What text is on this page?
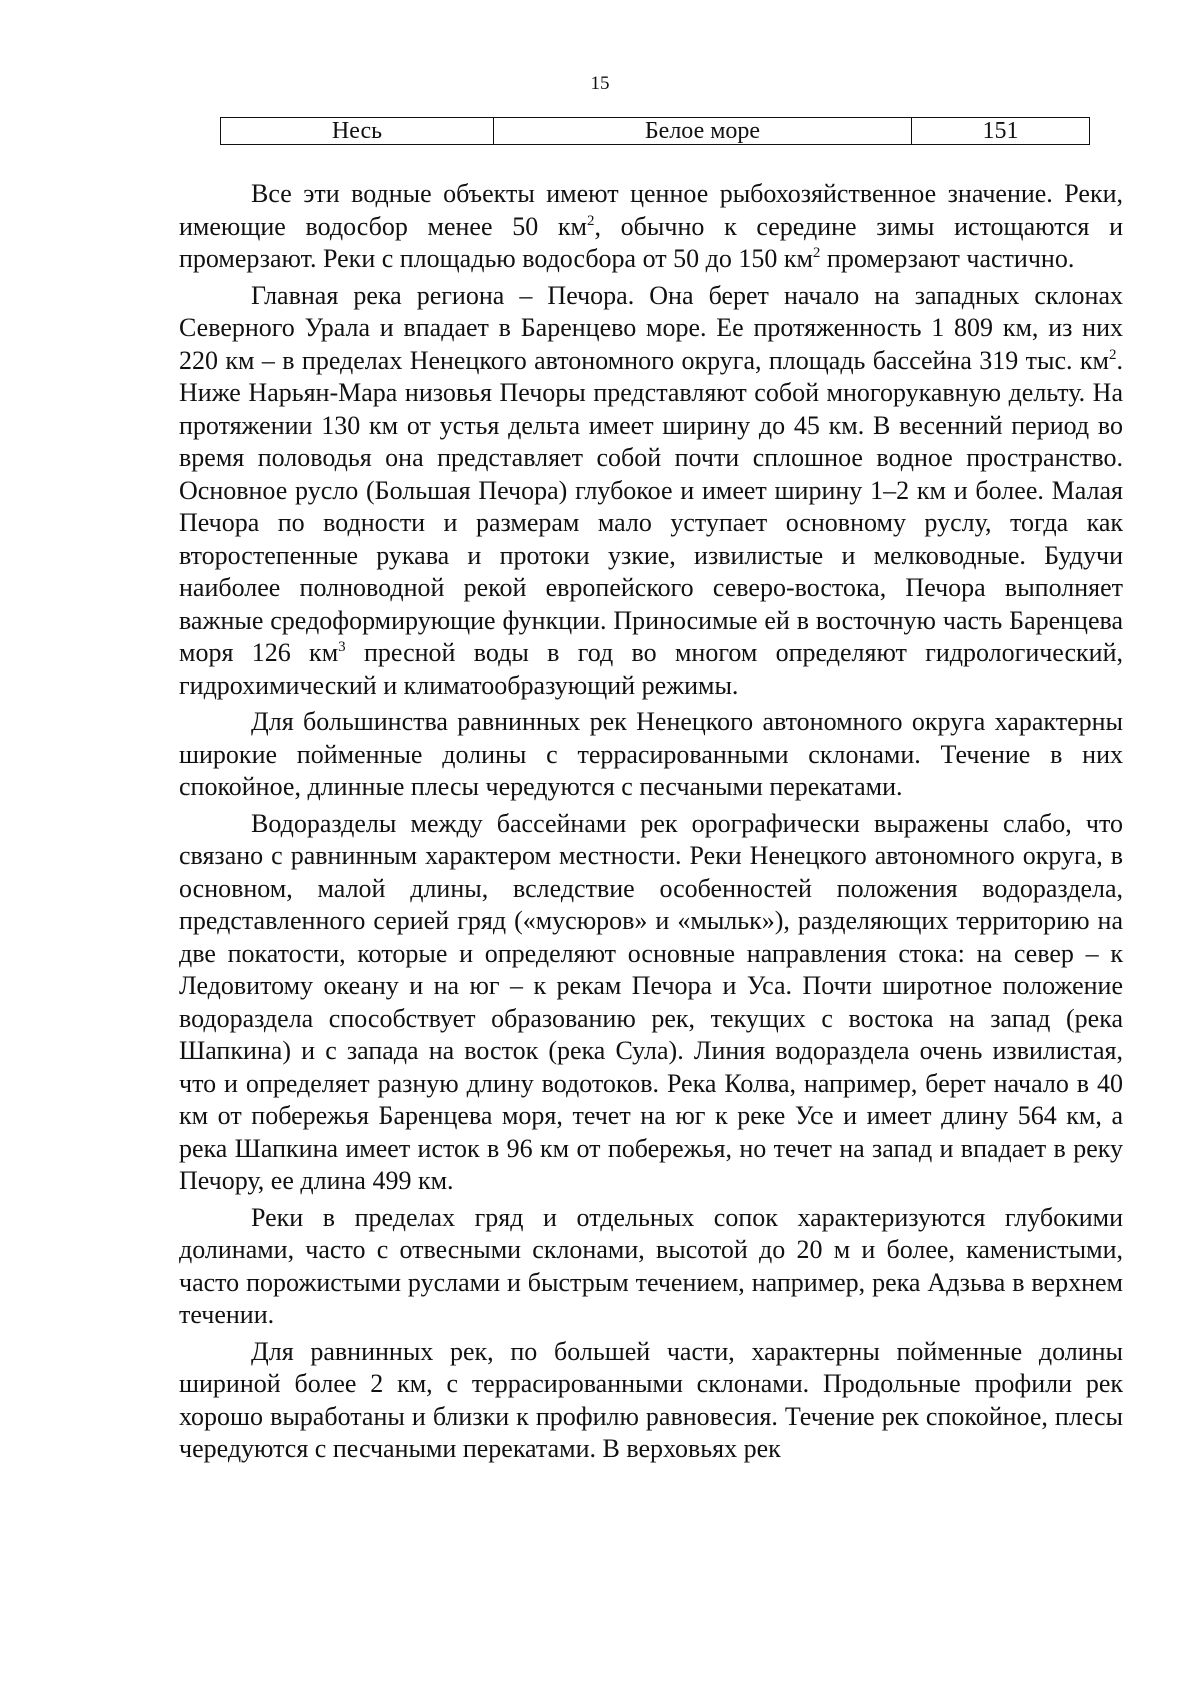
15
Несь	Белое море	151

Все эти водные объекты имеют ценное рыбохозяйственное значение. Реки, имеющие водосбор менее 50 $км^2$, обычно к середине зимы истощаются и промерзают. Реки с площадью водосбора от 50 до 150 $км^2$ промерзают частично.

Главная река региона – Печора. Она берет начало на западных склонах Северного Урала и впадает в Баренцево море. Ее протяженность 1 809 км, из них 220 км – в пределах Ненецкого автономного округа, площадь бассейна 319 тыс. $км^2$. Ниже Нарьян-Мара низовья Печоры представляют собой многорукавную дельту. На протяжении 130 км от устья дельта имеет ширину до 45 км. В весенний период во время половодья она представляет собой почти сплошное водное пространство. Основное русло (Большая Печора) глубокое и имеет ширину 1–2 км и более. Малая Печора по водности и размерам мало уступает основному руслу, тогда как второстепенные рукава и протоки узкие, извилистые и мелководные. Будучи наиболее полноводной рекой европейского северо-востока, Печора выполняет важные средоформирующие функции. Приносимые ей в восточную часть Баренцева моря 126 $км^3$ пресной воды в год во многом определяют гидрологический, гидрохимический и климатообразующий режимы.

Для большинства равнинных рек Ненецкого автономного округа характерны широкие пойменные долины с террасированными склонами. Течение в них спокойное, длинные плесы чередуются с песчаными перекатами.

Водоразделы между бассейнами рек орографически выражены слабо, что связано с равнинным характером местности. Реки Ненецкого автономного округа, в основном, малой длины, вследствие особенностей положения водораздела, представленного серией гряд («мусюров» и «мыльк»), разделяющих территорию на две покатости, которые и определяют основные направления стока: на север – к Ледовитому океану и на юг – к рекам Печора и Уса. Почти широтное положение водораздела способствует образованию рек, текущих с востока на запад (река Шапкина) и с запада на восток (река Сула). Линия водораздела очень извилистая, что и определяет разную длину водотоков. Река Колва, например, берет начало в 40 км от побережья Баренцева моря, течет на юг к реке Усе и имеет длину 564 км, а река Шапкина имеет исток в 96 км от побережья, но течет на запад и впадает в реку Печору, ее длина 499 км.

Реки в пределах гряд и отдельных сопок характеризуются глубокими долинами, часто с отвесными склонами, высотой до 20 м и более, каменистыми, часто порожистыми руслами и быстрым течением, например, река Адзьва в верхнем течении.

Для равнинных рек, по большей части, характерны пойменные долины шириной более 2 км, с террасированными склонами. Продольные профили рек хорошо выработаны и близки к профилю равновесия. Течение рек спокойное, плесы чередуются с песчаными перекатами. В верховьях рек
